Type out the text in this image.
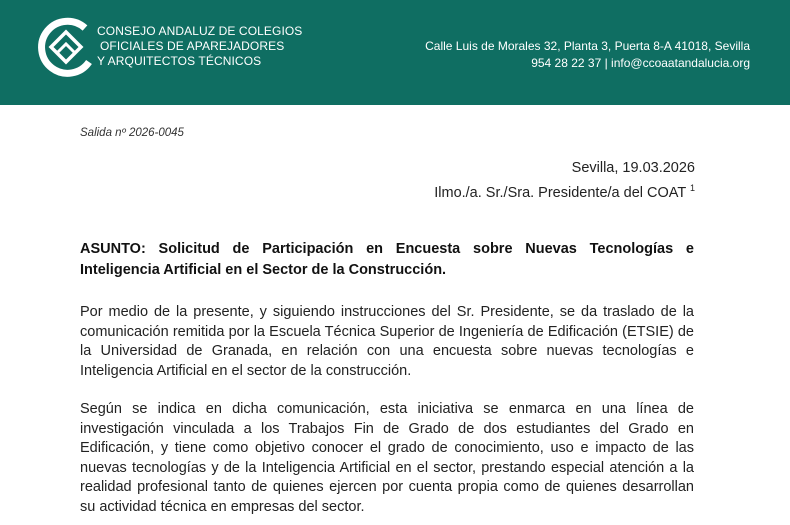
CONSEJO ANDALUZ DE COLEGIOS
OFICIALES DE APAREJADORES
Y ARQUITECTOS TÉCNICOS
Calle Luis de Morales 32, Planta 3, Puerta 8-A 41018, Sevilla
954 28 22 37 | info@ccoaatandalucia.org
Salida nº 2026-0045
Sevilla, 19.03.2026
Ilmo./a. Sr./Sra. Presidente/a del COAT $^1$
ASUNTO: Solicitud de Participación en Encuesta sobre Nuevas Tecnologías e Inteligencia Artificial en el Sector de la Construcción.
Por medio de la presente, y siguiendo instrucciones del Sr. Presidente, se da traslado de la comunicación remitida por la Escuela Técnica Superior de Ingeniería de Edificación (ETSIE) de la Universidad de Granada, en relación con una encuesta sobre nuevas tecnologías e Inteligencia Artificial en el sector de la construcción.
Según se indica en dicha comunicación, esta iniciativa se enmarca en una línea de investigación vinculada a los Trabajos Fin de Grado de dos estudiantes del Grado en Edificación, y tiene como objetivo conocer el grado de conocimiento, uso e impacto de las nuevas tecnologías y de la Inteligencia Artificial en el sector, prestando especial atención a la realidad profesional tanto de quienes ejercen por cuenta propia como de quienes desarrollan su actividad técnica en empresas del sector.
